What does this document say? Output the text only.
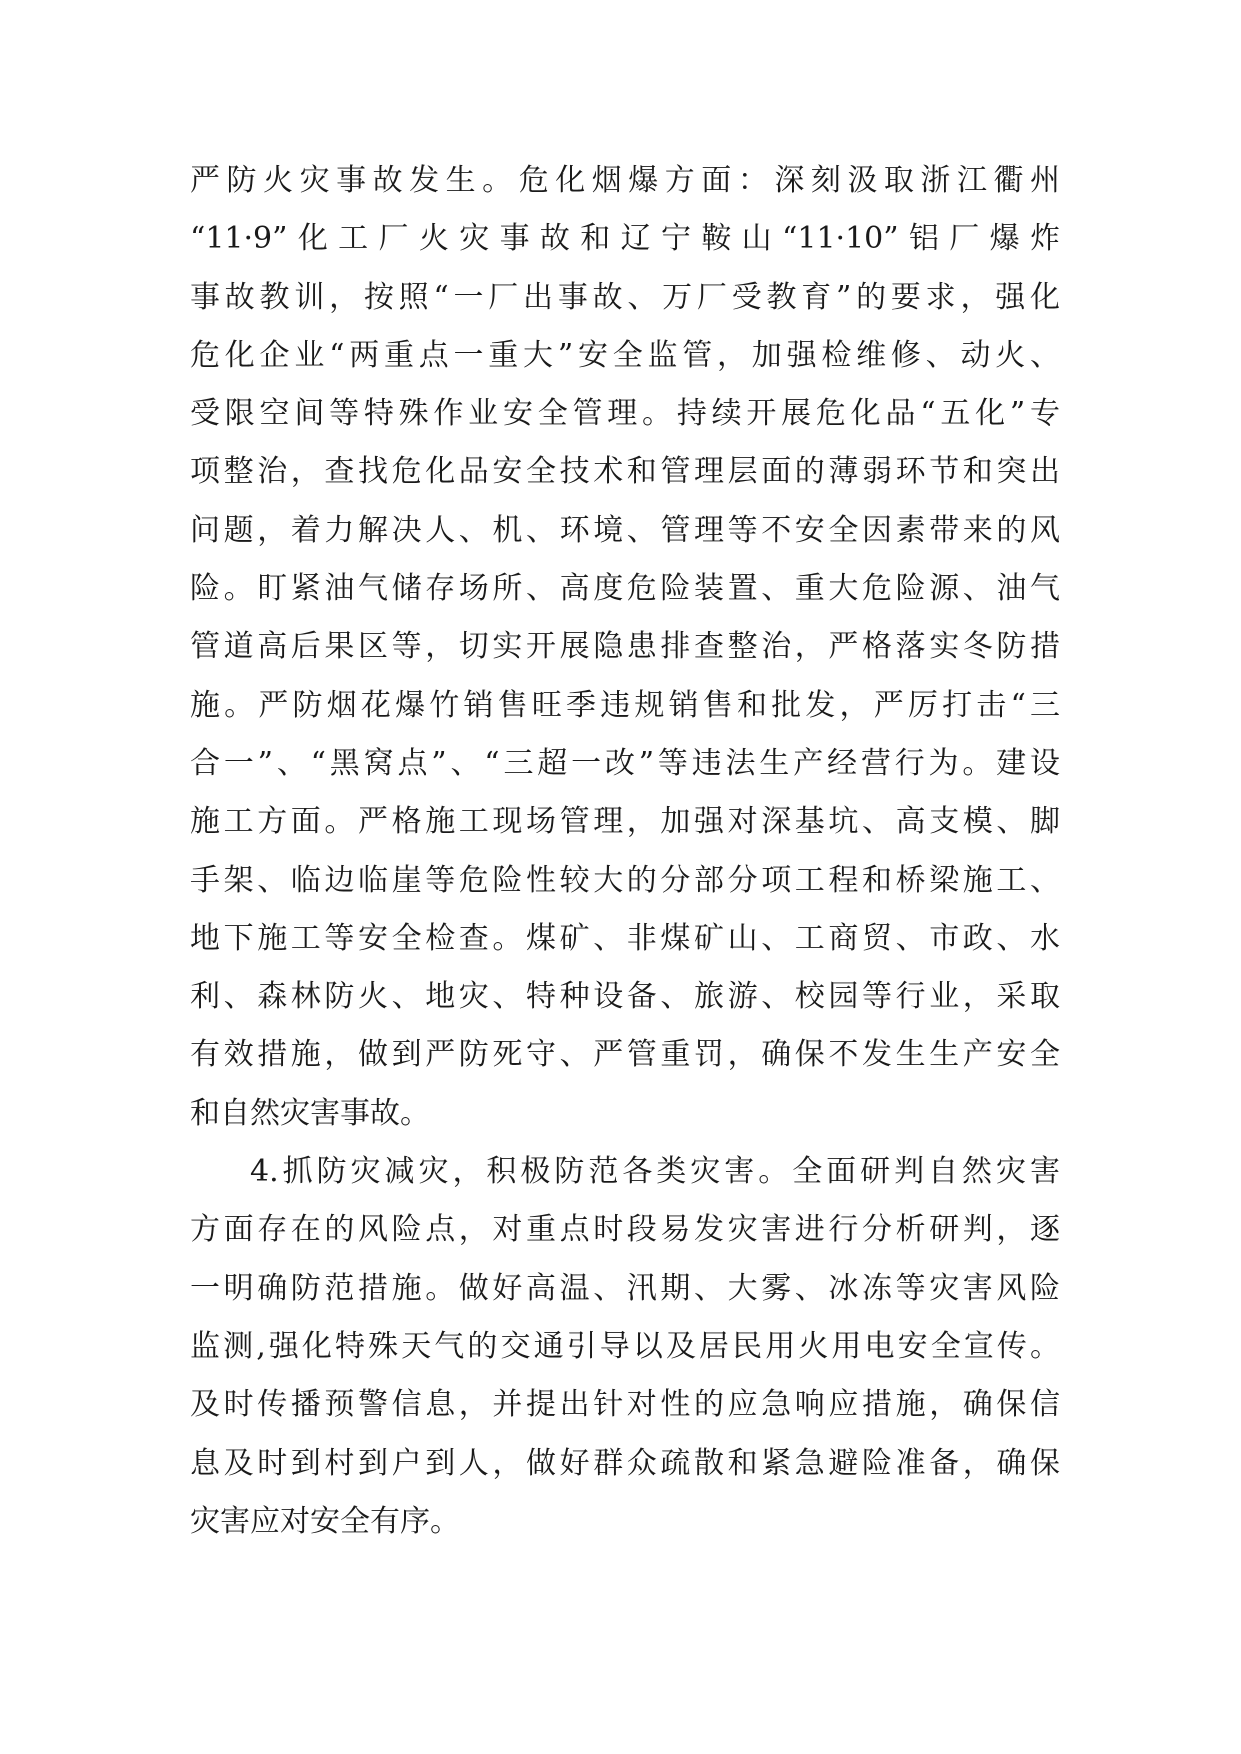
严防火灾事故发生。危化烟爆方面：深刻汲取浙江衢州
“11·9”化工厂火灾事故和辽宁鞍山“11·10”铝厂爆炸
事故教训，按照“一厂出事故、万厂受教育”的要求，强化
危化企业“两重点一重大”安全监管，加强检维修、动火、
受限空间等特殊作业安全管理。持续开展危化品“五化”专
项整治，查找危化品安全技术和管理层面的薄弱环节和突出
问题，着力解决人、机、环境、管理等不安全因素带来的风
险。盯紧油气储存场所、高度危险装置、重大危险源、油气
管道高后果区等，切实开展隐患排查整治，严格落实冬防措
施。严防烟花爆竹销售旺季违规销售和批发，严厉打击“三
合一”、“黑窝点”、“三超一改”等违法生产经营行为。建设
施工方面。严格施工现场管理，加强对深基坑、高支模、脚
手架、临边临崖等危险性较大的分部分项工程和桥梁施工、
地下施工等安全检查。煤矿、非煤矿山、工商贸、市政、水
利、森林防火、地灾、特种设备、旅游、校园等行业，采取
有效措施，做到严防死守、严管重罚，确保不发生生产安全
和自然灾害事故。
4.抓防灾减灾，积极防范各类灾害。全面研判自然灾害
方面存在的风险点，对重点时段易发灾害进行分析研判，逐
一明确防范措施。做好高温、汛期、大雾、冰冻等灾害风险
监测,强化特殊天气的交通引导以及居民用火用电安全宣传。
及时传播预警信息，并提出针对性的应急响应措施，确保信
息及时到村到户到人，做好群众疏散和紧急避险准备，确保
灾害应对安全有序。
